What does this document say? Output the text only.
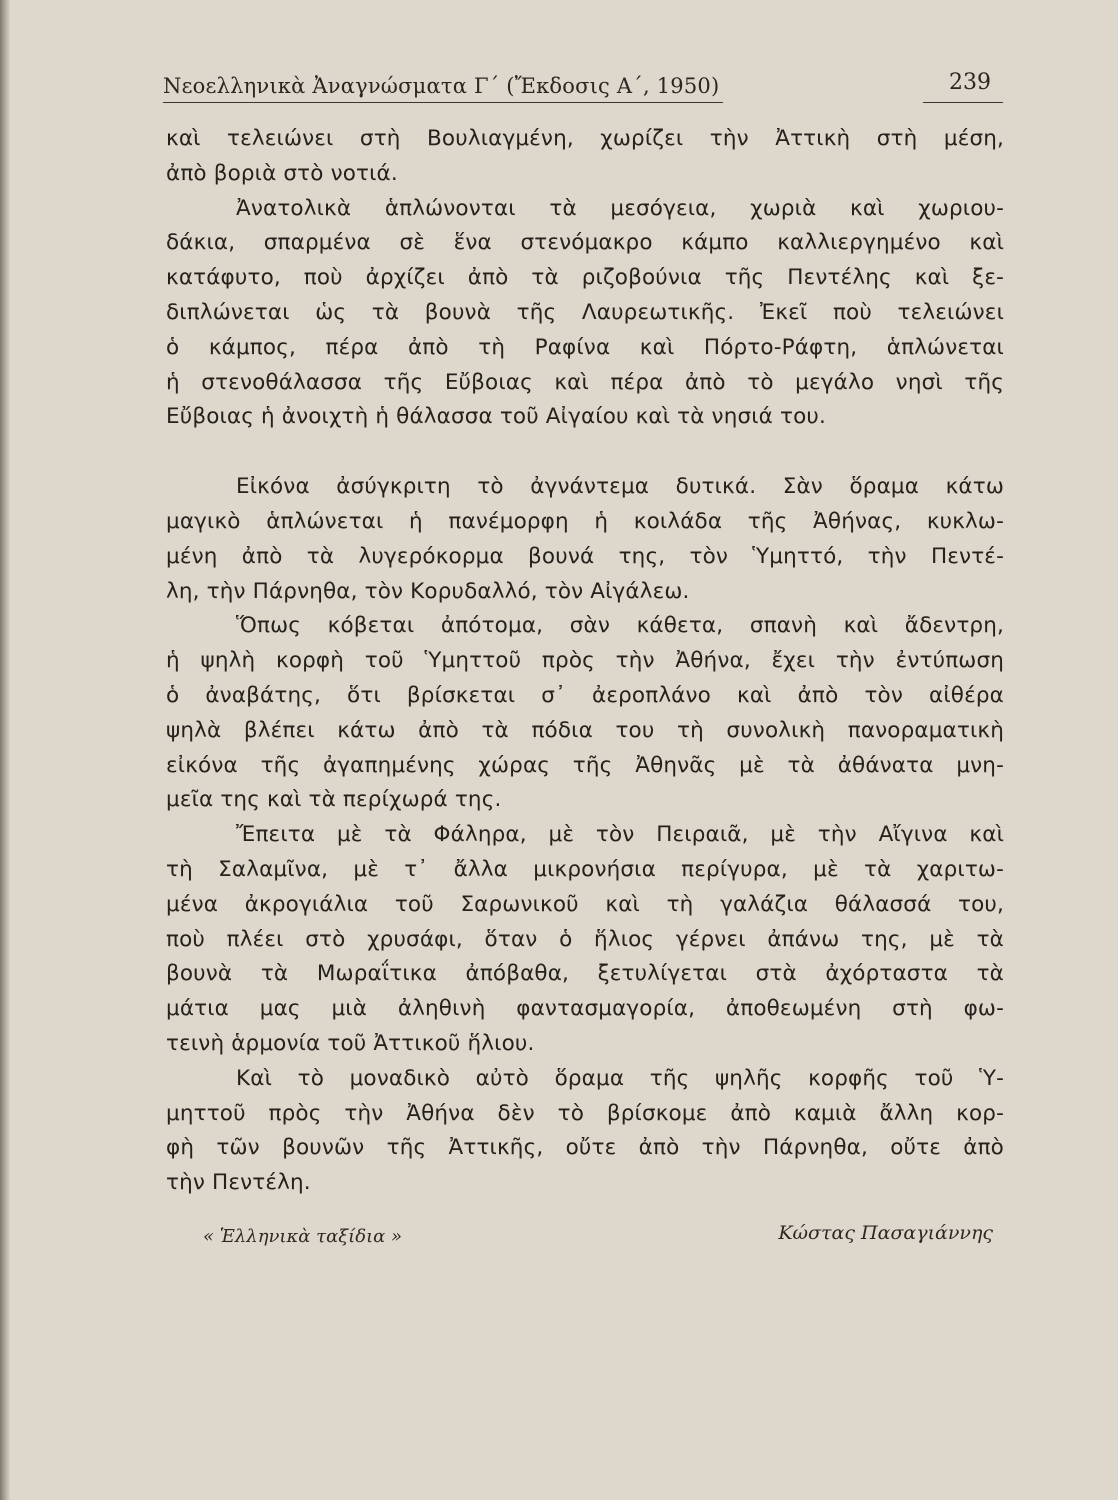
Νεοελληνικὰ Ἀναγνώσματα Γ΄ (Ἔκδοσις Α΄, 1950)	239
καὶ τελειώνει στὴ Βουλιαγμένη, χωρίζει τὴν Ἀττικὴ στὴ μέση,
ἀπὸ βοριὰ στὸ νοτιά.
Ἀνατολικὰ ἁπλώνονται τὰ μεσόγεια, χωριὰ καὶ χωριου-
δάκια, σπαρμένα σὲ ἕνα στενόμακρο κάμπο καλλιεργημένο καὶ
κατάφυτο, ποὺ ἀρχίζει ἀπὸ τὰ ριζοβούνια τῆς Πεντέλης καὶ ξε-
διπλώνεται ὡς τὰ βουνὰ τῆς Λαυρεωτικῆς. Ἐκεῖ ποὺ τελειώνει
ὁ κάμπος, πέρα ἀπὸ τὴ Ραφίνα καὶ Πόρτο-Ράφτη, ἁπλώνεται
ἡ στενοθάλασσα τῆς Εὔβοιας καὶ πέρα ἀπὸ τὸ μεγάλο νησὶ τῆς
Εὔβοιας ἡ ἀνοιχτὴ ἡ θάλασσα τοῦ Αἰγαίου καὶ τὰ νησιά του.
Εἰκόνα ἀσύγκριτη τὸ ἀγνάντεμα δυτικά. Σὰν ὅραμα κάτω
μαγικὸ ἁπλώνεται ἡ πανέμορφη ἡ κοιλάδα τῆς Ἀθήνας, κυκλω-
μένη ἀπὸ τὰ λυγερόκορμα βουνά της, τὸν Ὑμηττό, τὴν Πεντέ-
λη, τὴν Πάρνηθα, τὸν Κορυδαλλό, τὸν Αἰγάλεω.
Ὅπως κόβεται ἀπότομα, σὰν κάθετα, σπανὴ καὶ ἄδεντρη,
ἡ ψηλὴ κορφὴ τοῦ Ὑμηττοῦ πρὸς τὴν Ἀθήνα, ἔχει τὴν ἐντύπωση
ὁ ἀναβάτης, ὅτι βρίσκεται σ᾿ ἀεροπλάνο καὶ ἀπὸ τὸν αἰθέρα
ψηλὰ βλέπει κάτω ἀπὸ τὰ πόδια του τὴ συνολικὴ πανοραματικὴ
εἰκόνα τῆς ἀγαπημένης χώρας τῆς Ἀθηνᾶς μὲ τὰ ἀθάνατα μνη-
μεῖα της καὶ τὰ περίχωρά της.
Ἔπειτα μὲ τὰ Φάληρα, μὲ τὸν Πειραιᾶ, μὲ τὴν Αἴγινα καὶ
τὴ Σαλαμῖνα, μὲ τ᾿ ἄλλα μικρονήσια περίγυρα, μὲ τὰ χαριτω-
μένα ἀκρογιάλια τοῦ Σαρωνικοῦ καὶ τὴ γαλάζια θάλασσά του,
ποὺ πλέει στὸ χρυσάφι, ὅταν ὁ ἥλιος γέρνει ἀπάνω της, μὲ τὰ
βουνὰ τὰ Μωραΐτικα ἀπόβαθα, ξετυλίγεται στὰ ἀχόρταστα τὰ
μάτια μας μιὰ ἀληθινὴ φαντασμαγορία, ἀποθεωμένη στὴ φω-
τεινὴ ἁρμονία τοῦ Ἀττικοῦ ἥλιου.
Καὶ τὸ μοναδικὸ αὐτὸ ὅραμα τῆς ψηλῆς κορφῆς τοῦ Ὑ-
μηττοῦ πρὸς τὴν Ἀθήνα δὲν τὸ βρίσκομε ἀπὸ καμιὰ ἄλλη κορ-
φὴ τῶν βουνῶν τῆς Ἀττικῆς, οὔτε ἀπὸ τὴν Πάρνηθα, οὔτε ἀπὸ
τὴν Πεντέλη.
« Ἑλληνικὰ ταξίδια »	Κώστας Πασαγιάννης
